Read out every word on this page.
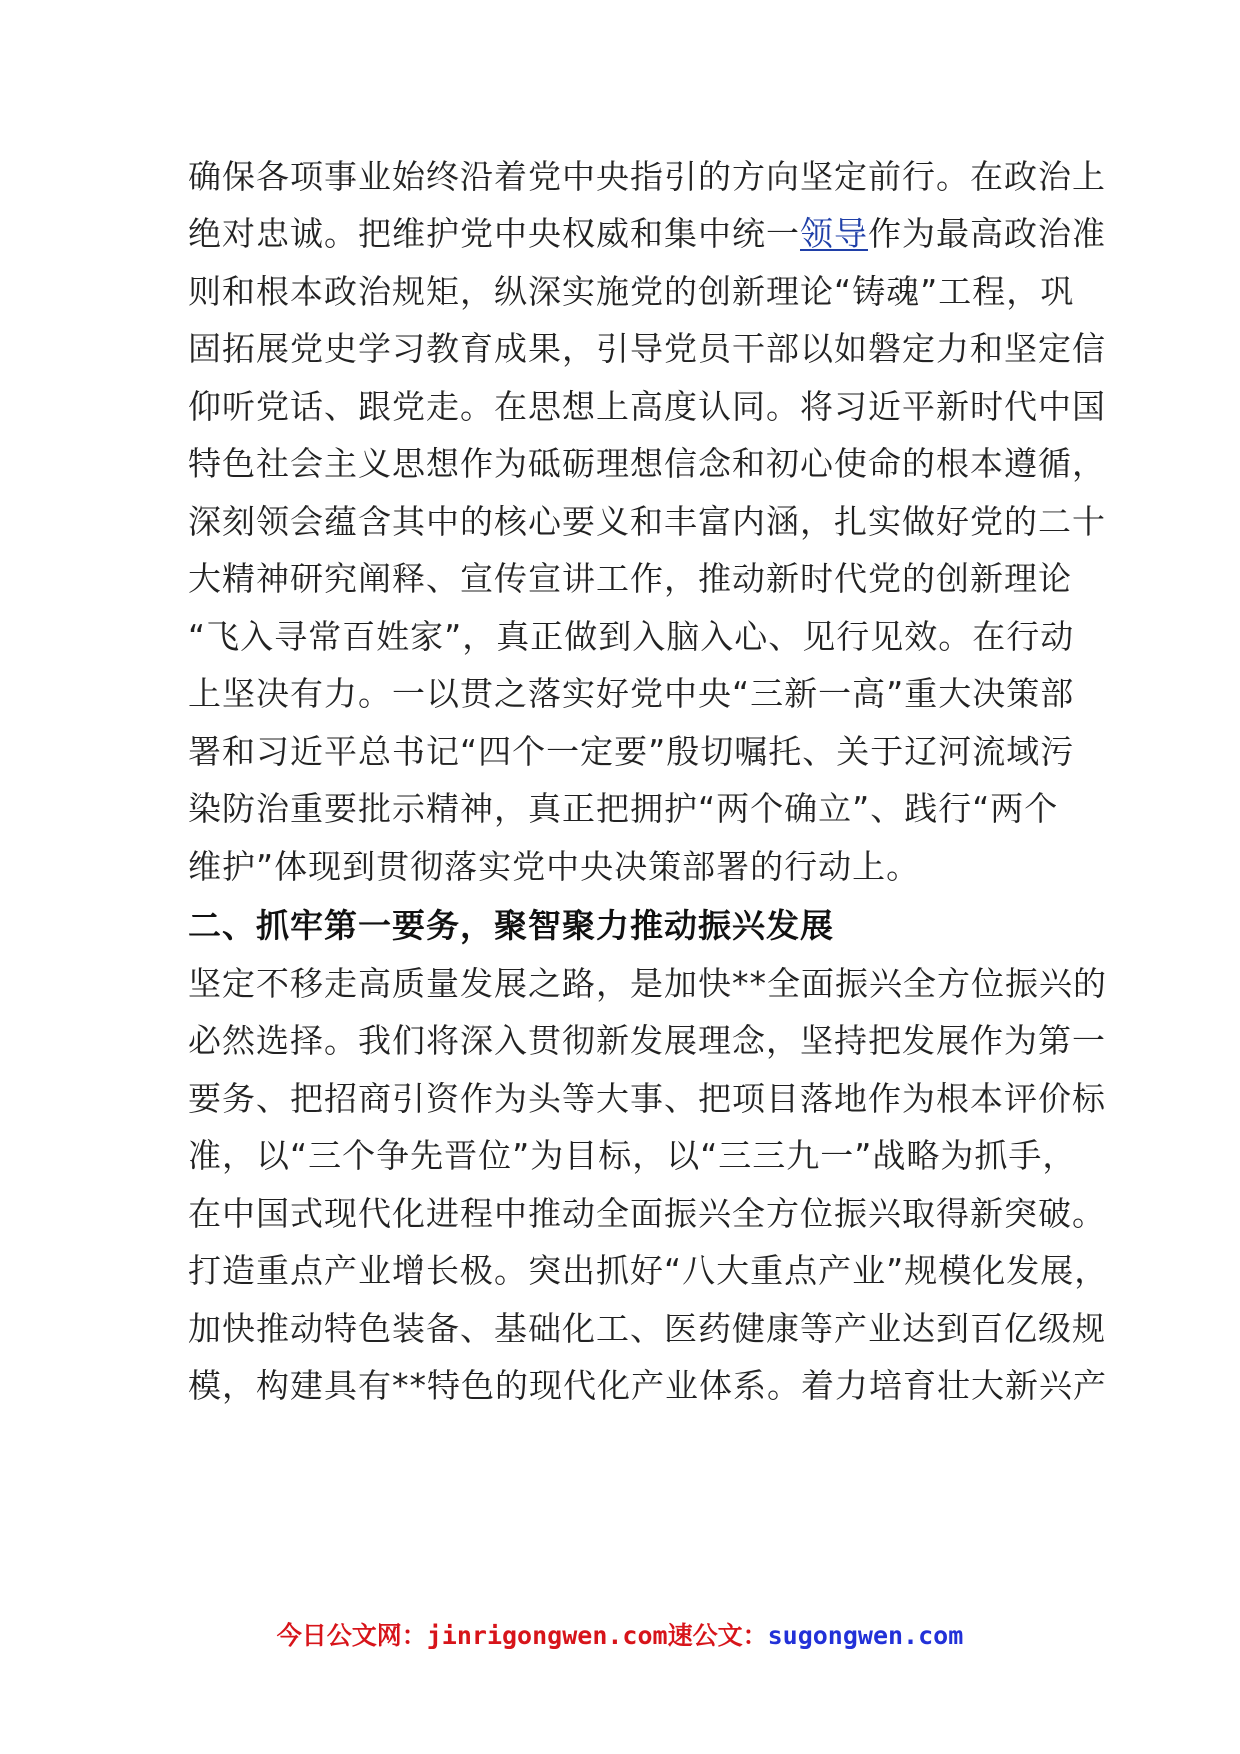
确保各项事业始终沿着党中央指引的方向坚定前行。在政治上
绝对忠诚。把维护党中央权威和集中统一领导作为最高政治准
则和根本政治规矩，纵深实施党的创新理论“铸魂”工程，巩
固拓展党史学习教育成果，引导党员干部以如磐定力和坚定信
仰听党话、跟党走。在思想上高度认同。将习近平新时代中国
特色社会主义思想作为砥砺理想信念和初心使命的根本遵循，
深刻领会蕴含其中的核心要义和丰富内涵，扎实做好党的二十
大精神研究阐释、宣传宣讲工作，推动新时代党的创新理论
“飞入寻常百姓家”，真正做到入脑入心、见行见效。在行动
上坚决有力。一以贯之落实好党中央“三新一高”重大决策部
署和习近平总书记“四个一定要”殷切嘱托、关于辽河流域污
染防治重要批示精神，真正把拥护“两个确立”、践行“两个
维护”体现到贯彻落实党中央决策部署的行动上。
二、抓牢第一要务，聚智聚力推动振兴发展
坚定不移走高质量发展之路，是加快**全面振兴全方位振兴的
必然选择。我们将深入贯彻新发展理念，坚持把发展作为第一
要务、把招商引资作为头等大事、把项目落地作为根本评价标
准，以“三个争先晋位”为目标，以“三三九一”战略为抓手，
在中国式现代化进程中推动全面振兴全方位振兴取得新突破。
打造重点产业增长极。突出抓好“八大重点产业”规模化发展，
加快推动特色装备、基础化工、医药健康等产业达到百亿级规
模，构建具有**特色的现代化产业体系。着力培育壮大新兴产
今日公文网：jinrigongwen.com速公文：sugongwen.com
